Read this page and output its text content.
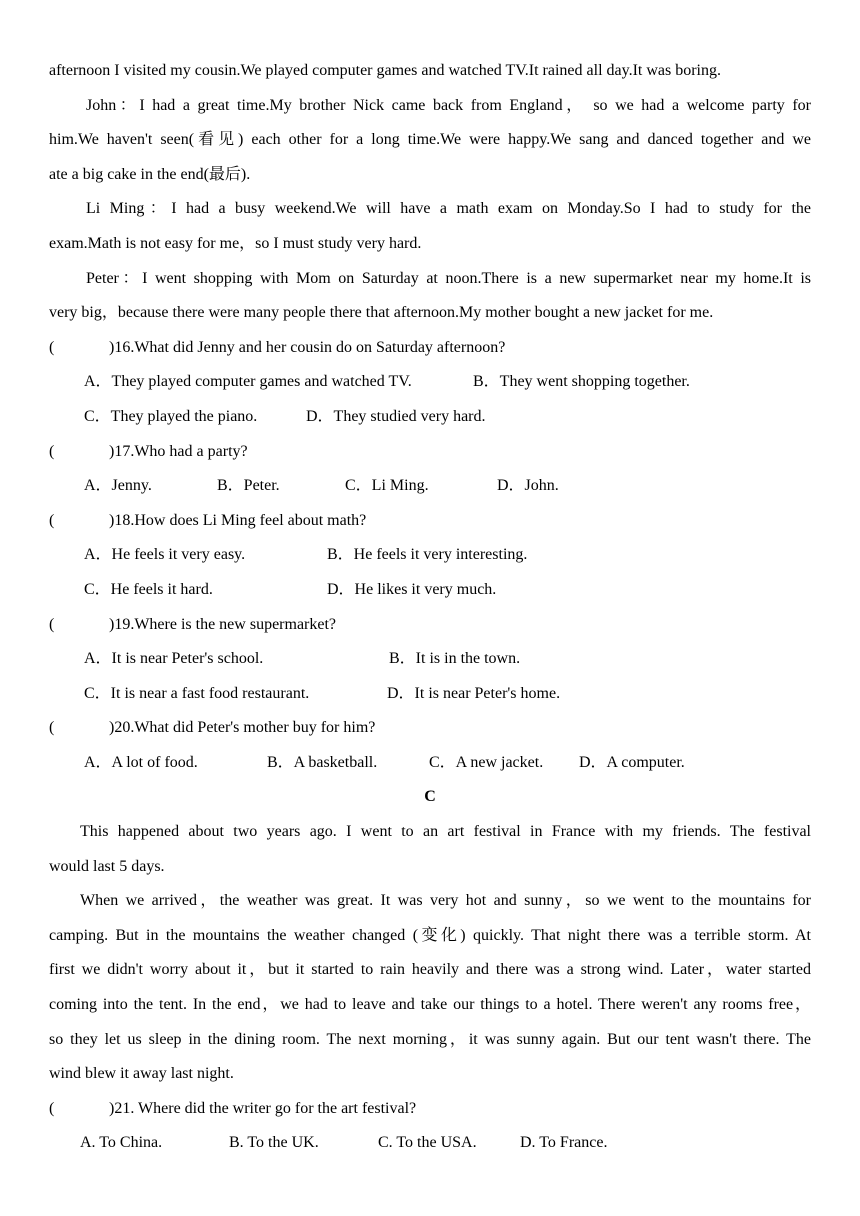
afternoon I visited my cousin.We played computer games and watched TV.It rained all day.It was boring.
John：I had a great time.My brother Nick came back from England， so we had a welcome party for
him.We haven't seen(看见) each other for a long time.We were happy.We sang and danced together and we
ate a big cake in the end(最后).
Li Ming：I had a busy weekend.We will have a math exam on Monday.So I had to study for the
exam.Math is not easy for me，so I must study very hard.
Peter：I went shopping with Mom on Saturday at noon.There is a new supermarket near my home.It is
very big，because there were many people there that afternoon.My mother bought a new jacket for me.
(	)16.What did Jenny and her cousin do on Saturday afternoon?
A．They played computer games and watched TV.	B．They went shopping together.
C．They played the piano.	D．They studied very hard.
(	)17.Who had a party?
A．Jenny.	B．Peter.	C．Li Ming.	D．John.
(	)18.How does Li Ming feel about math?
A．He feels it very easy.	B．He feels it very interesting.
C．He feels it hard.	D．He likes it very much.
(	)19.Where is the new supermarket?
A．It is near Peter's school.	B．It is in the town.
C．It is near a fast food restaurant.	D．It is near Peter's home.
(	)20.What did Peter's mother buy for him?
A．A lot of food.	B．A basketball.	C．A new jacket. D．A computer.
C
This happened about two years ago. I went to an art festival in France with my friends. The festival
would last 5 days.
When we arrived，the weather was great. It was very hot and sunny，so we went to the mountains for
camping. But in the mountains the weather changed (变化) quickly. That night there was a terrible storm. At
first we didn't worry about it，but it started to rain heavily and there was a strong wind. Later，water started
coming into the tent. In the end，we had to leave and take our things to a hotel. There weren't any rooms free，
so they let us sleep in the dining room. The next morning，it was sunny again. But our tent wasn't there. The
wind blew it away last night.
(	)21. Where did the writer go for the art festival?
A. To China.	B. To the UK.	C. To the USA.	D. To France.
